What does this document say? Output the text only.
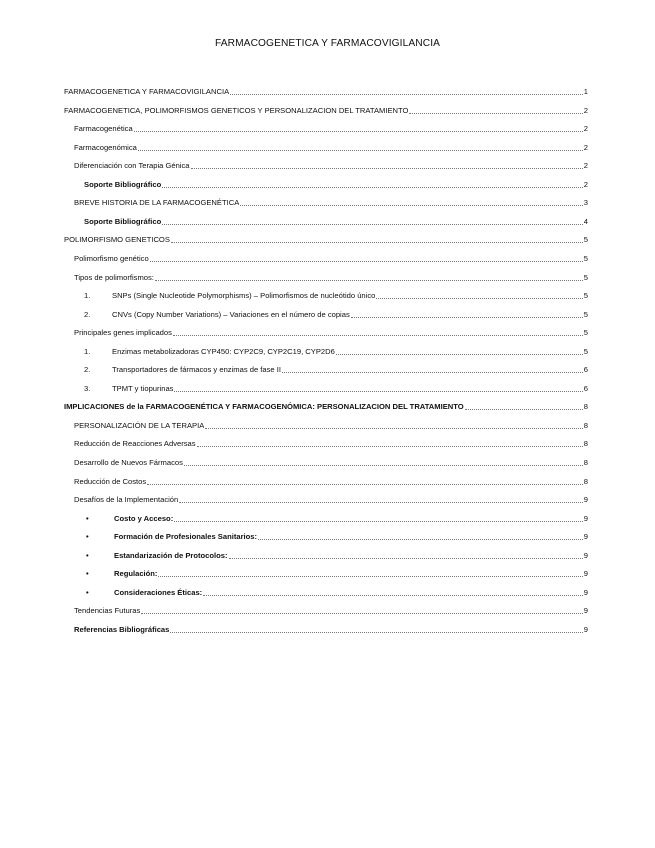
FARMACOGENETICA Y FARMACOVIGILANCIA
FARMACOGENETICA Y FARMACOVIGILANCIA	1
FARMACOGENETICA, POLIMORFISMOS GENETICOS Y PERSONALIZACION DEL TRATAMIENTO	2
Farmacogenética	2
Farmacogenómica	2
Diferenciación con Terapia Génica	2
Soporte Bibliográfico	2
BREVE HISTORIA DE LA FARMACOGENÉTICA	3
Soporte Bibliográfico	4
POLIMORFISMO GENETICOS	5
Polimorfismo genético	5
Tipos de polimorfismos:	5
1.	SNPs (Single Nucleotide Polymorphisms) – Polimorfismos de nucleótido único	5
2.	CNVs (Copy Number Variations) – Variaciones en el número de copias	5
Principales genes implicados	5
1.	Enzimas metabolizadoras CYP450: CYP2C9, CYP2C19, CYP2D6	5
2.	Transportadores de fármacos y enzimas de fase II	6
3.	TPMT y tiopurinas	6
IMPLICACIONES de la FARMACOGENÉTICA Y FARMACOGENÓMICA: PERSONALIZACION DEL TRATAMIENTO	8
PERSONALIZACIÓN DE LA TERAPIA	8
Reducción de Reacciones Adversas	8
Desarrollo de Nuevos Fármacos	8
Reducción de Costos	8
Desafíos de la Implementación	9
•	Costo y Acceso:	9
•	Formación de Profesionales Sanitarios:	9
•	Estandarización de Protocolos:	9
•	Regulación:	9
•	Consideraciones Éticas:	9
Tendencias Futuras	9
Referencias Bibliográficas	9
